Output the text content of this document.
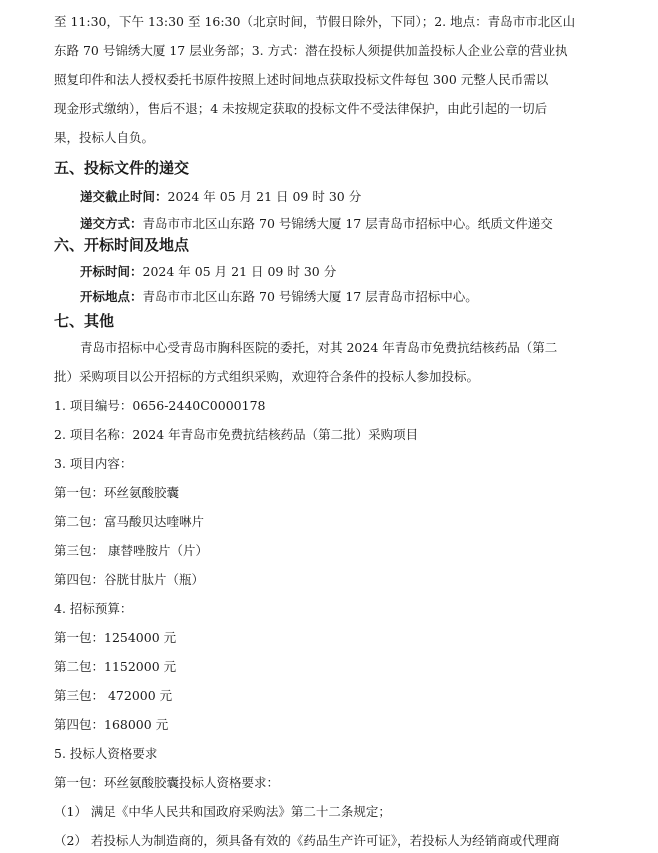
至 11:30，下午 13:30 至 16:30（北京时间，节假日除外，下同）；2. 地点：青岛市市北区山
东路 70 号锦绣大厦 17 层业务部；3. 方式：潜在投标人须提供加盖投标人企业公章的营业执
照复印件和法人授权委托书原件按照上述时间地点获取投标文件每包 300 元整人民币需以
现金形式缴纳），售后不退；4 未按规定获取的投标文件不受法律保护，由此引起的一切后
果，投标人自负。
五、投标文件的递交
递交截止时间：2024 年 05 月 21 日 09 时 30 分
递交方式：青岛市市北区山东路 70 号锦绣大厦 17 层青岛市招标中心。纸质文件递交
六、开标时间及地点
开标时间：2024 年 05 月 21 日 09 时 30 分
开标地点：青岛市市北区山东路 70 号锦绣大厦 17 层青岛市招标中心。
七、其他
青岛市招标中心受青岛市胸科医院的委托，对其 2024 年青岛市免费抗结核药品（第二
批）采购项目以公开招标的方式组织采购，欢迎符合条件的投标人参加投标。
1. 项目编号：0656-2440C0000178
2. 项目名称：2024 年青岛市免费抗结核药品（第二批）采购项目
3. 项目内容：
第一包：环丝氨酸胶囊
第二包：富马酸贝达喹啉片
第三包： 康替唑胺片（片）
第四包：谷胱甘肽片（瓶）
4. 招标预算：
第一包：1254000 元
第二包：1152000 元
第三包： 472000 元
第四包：168000 元
5. 投标人资格要求
第一包：环丝氨酸胶囊投标人资格要求：
（1） 满足《中华人民共和国政府采购法》第二十二条规定；
（2） 若投标人为制造商的，须具备有效的《药品生产许可证》，若投标人为经销商或代理商
